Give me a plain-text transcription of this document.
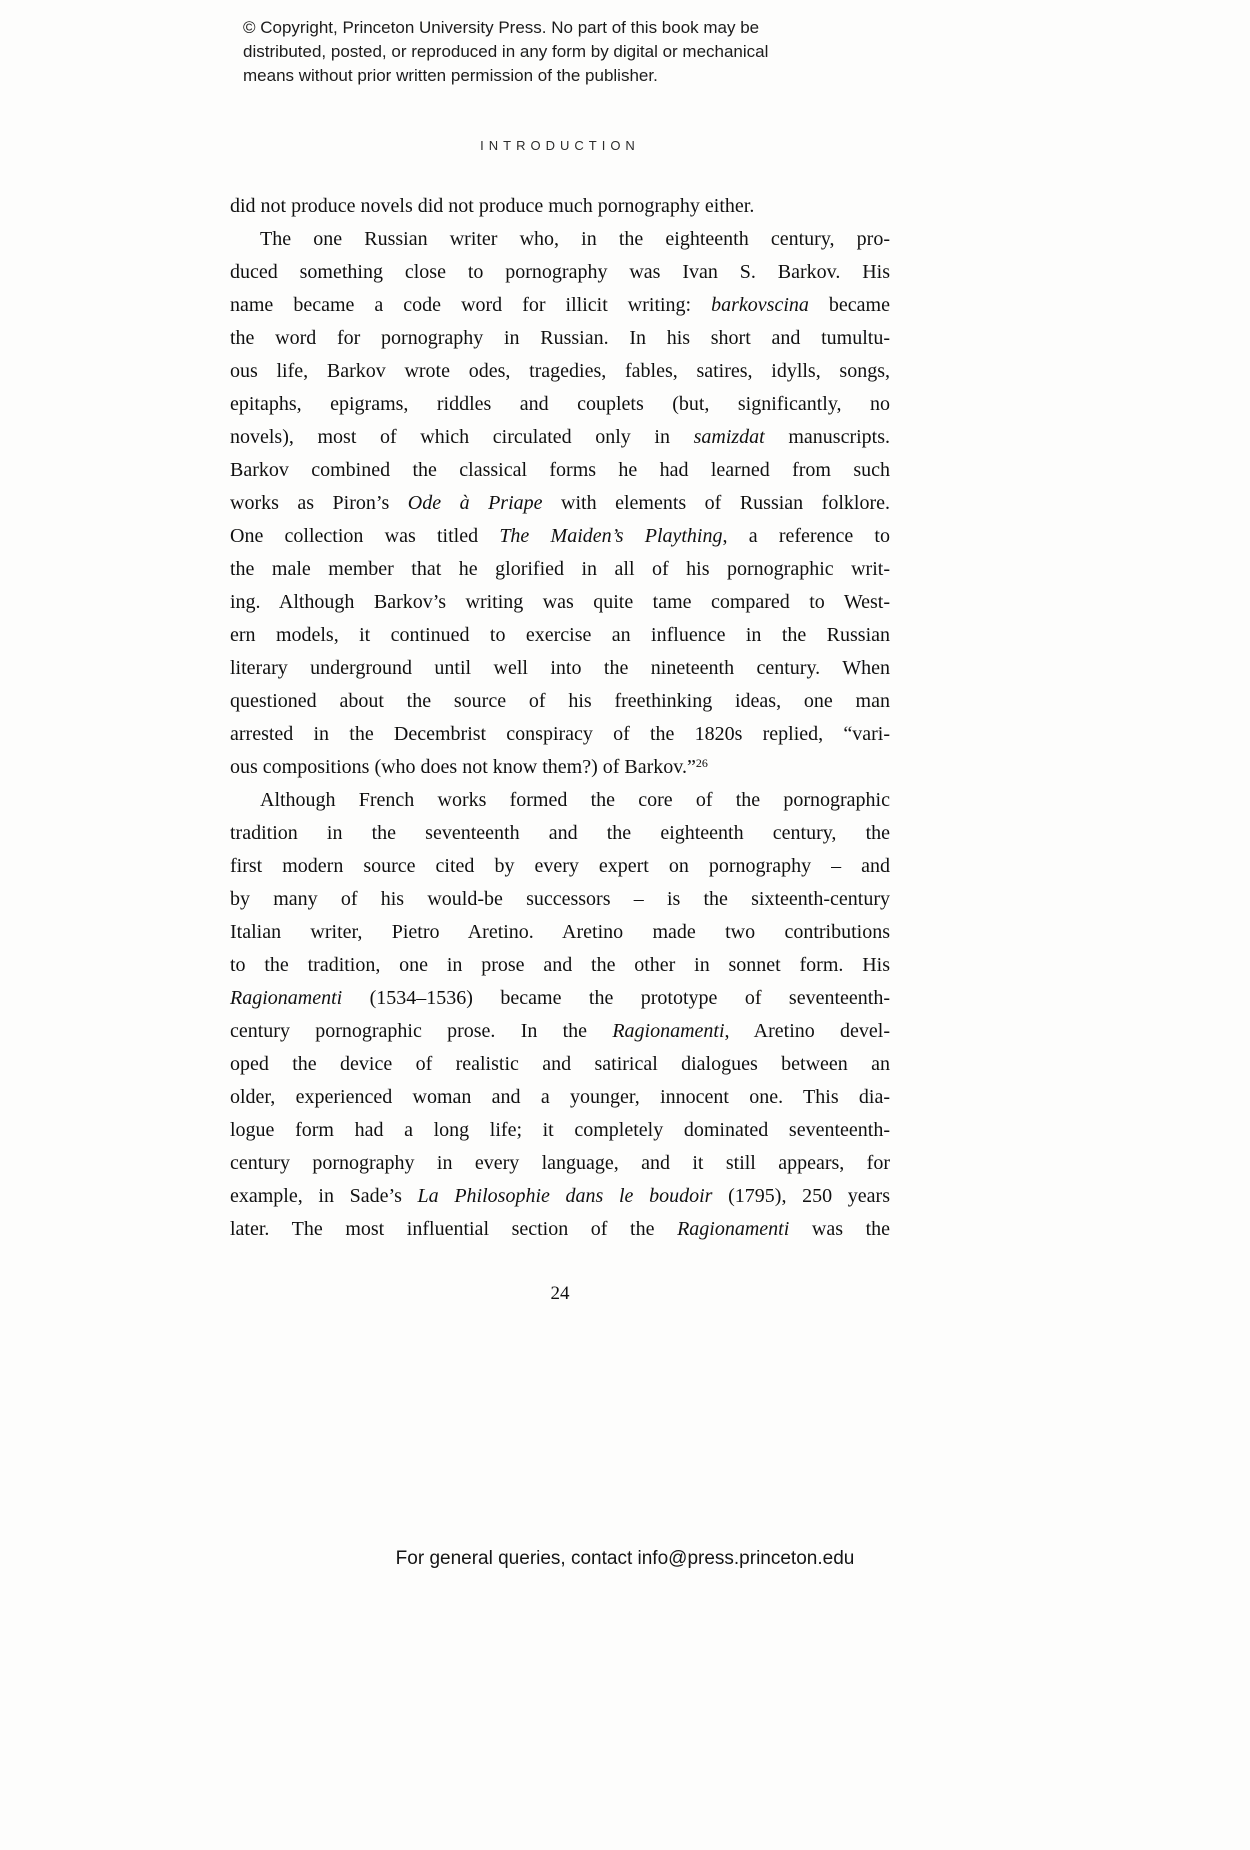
© Copyright, Princeton University Press. No part of this book may be
distributed, posted, or reproduced in any form by digital or mechanical
means without prior written permission of the publisher.
INTRODUCTION
did not produce novels did not produce much pornography either.
The one Russian writer who, in the eighteenth century, pro-
duced something close to pornography was Ivan S. Barkov. His
name became a code word for illicit writing: barkovscina became
the word for pornography in Russian. In his short and tumultu-
ous life, Barkov wrote odes, tragedies, fables, satires, idylls, songs,
epitaphs, epigrams, riddles and couplets (but, significantly, no
novels), most of which circulated only in samizdat manuscripts.
Barkov combined the classical forms he had learned from such
works as Piron’s Ode à Priape with elements of Russian folklore.
One collection was titled The Maiden’s Plaything, a reference to
the male member that he glorified in all of his pornographic writ-
ing. Although Barkov’s writing was quite tame compared to West-
ern models, it continued to exercise an influence in the Russian
literary underground until well into the nineteenth century. When
questioned about the source of his freethinking ideas, one man
arrested in the Decembrist conspiracy of the 1820s replied, “vari-
ous compositions (who does not know them?) of Barkov.”$^{26}$
Although French works formed the core of the pornographic
tradition in the seventeenth and the eighteenth century, the
first modern source cited by every expert on pornography – and
by many of his would-be successors – is the sixteenth-century
Italian writer, Pietro Aretino. Aretino made two contributions
to the tradition, one in prose and the other in sonnet form. His
Ragionamenti (1534–1536) became the prototype of seventeenth-
century pornographic prose. In the Ragionamenti, Aretino devel-
oped the device of realistic and satirical dialogues between an
older, experienced woman and a younger, innocent one. This dia-
logue form had a long life; it completely dominated seventeenth-
century pornography in every language, and it still appears, for
example, in Sade’s La Philosophie dans le boudoir (1795), 250 years
later. The most influential section of the Ragionamenti was the
24
For general queries, contact info@press.princeton.edu
